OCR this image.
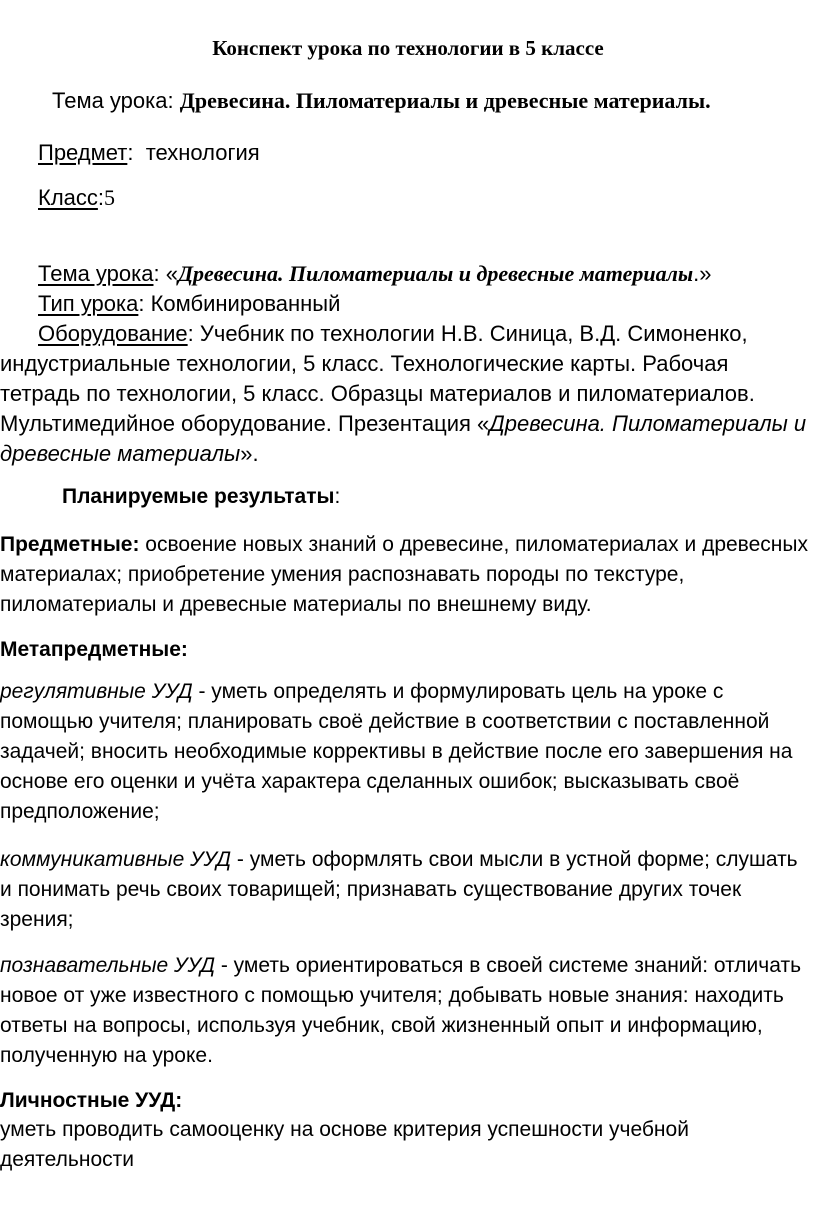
Конспект урока по технологии в 5 классе
Тема урока: Древесина. Пиломатериалы и древесные материалы.
Предмет:  технология
Класс:5
Тема урока: «Древесина. Пиломатериалы и древесные материалы.»
Тип урока: Комбинированный
Оборудование: Учебник по технологии Н.В. Синица, В.Д. Симоненко, индустриальные технологии, 5 класс. Технологические карты. Рабочая тетрадь по технологии, 5 класс. Образцы материалов и пиломатериалов. Мультимедийное оборудование. Презентация «Древесина. Пиломатериалы и древесные материалы».
Планируемые результаты:
Предметные: освоение новых знаний о древесине, пиломатериалах и древесных материалах; приобретение умения распознавать породы по текстуре, пиломатериалы и древесные материалы по внешнему виду.
Метапредметные:
регулятивные УУД - уметь определять и формулировать цель на уроке с помощью учителя; планировать своё действие в соответствии с поставленной задачей; вносить необходимые коррективы в действие после его завершения на основе его оценки и учёта характера сделанных ошибок; высказывать своё предположение;
коммуникативные УУД - уметь оформлять свои мысли в устной форме; слушать и понимать речь своих товарищей; признавать существование других точек зрения;
познавательные УУД - уметь ориентироваться в своей системе знаний: отличать новое от уже известного с помощью учителя; добывать новые знания: находить ответы на вопросы, используя учебник, свой жизненный опыт и информацию, полученную на уроке.
Личностные УУД:
уметь проводить самооценку на основе критерия успешности учебной деятельности
